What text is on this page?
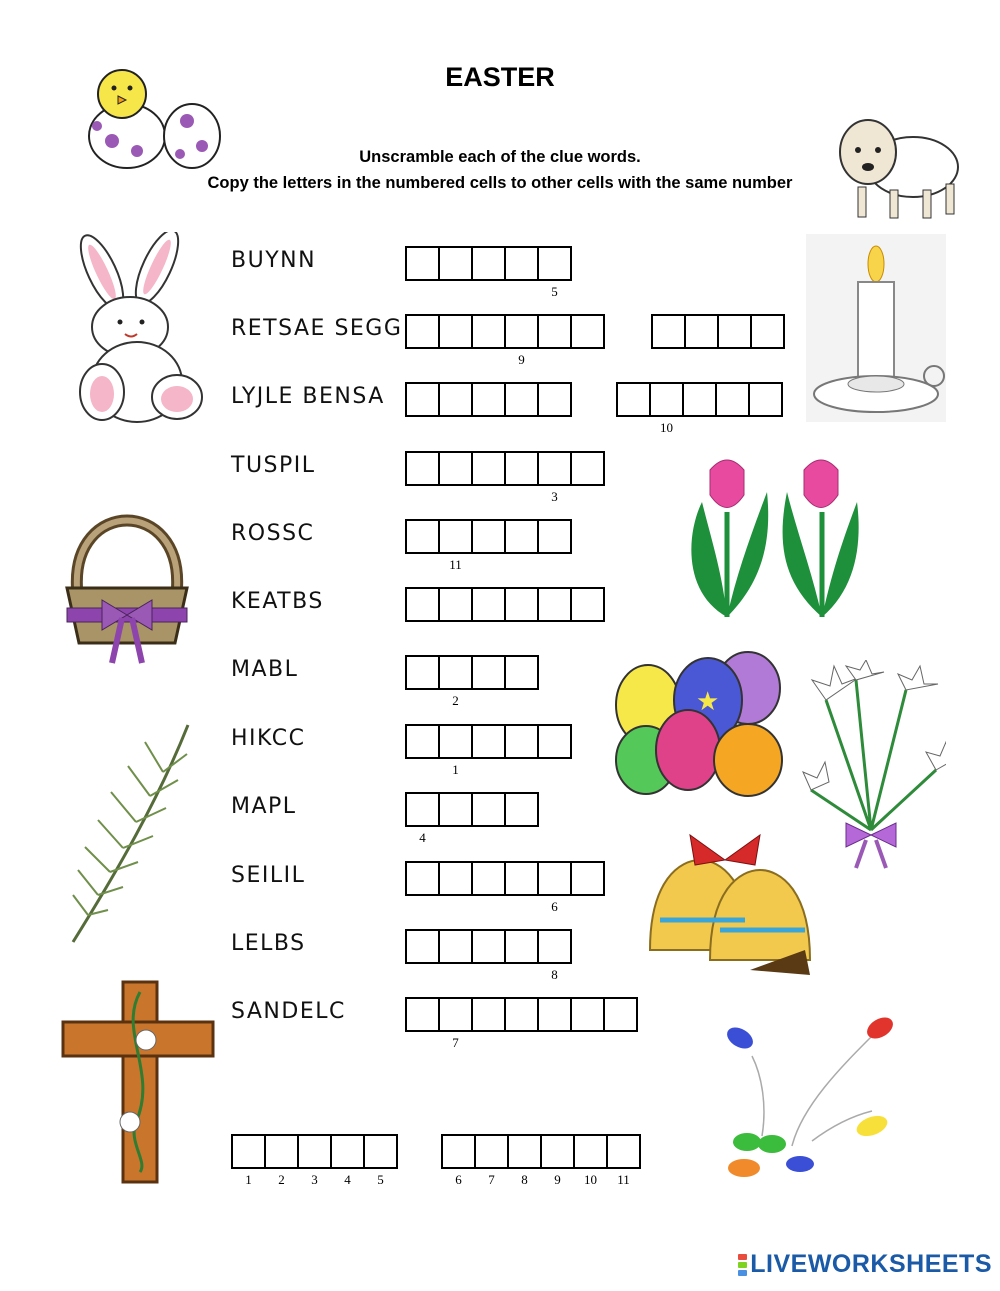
EASTER
Unscramble each of the clue words.
Copy the letters in the numbered cells to other cells with the same number
BUYNN
5
RETSAE SEGG
9
LYJLE BENSA
10
TUSPIL
3
ROSSC
11
KEATBS
MABL
2
HIKCC
1
MAPL
4
SEILIL
6
LELBS
8
SANDELC
7
1	2	3	4	5	6	7	8	9	10	11
★
LIVEWORKSHEETS
